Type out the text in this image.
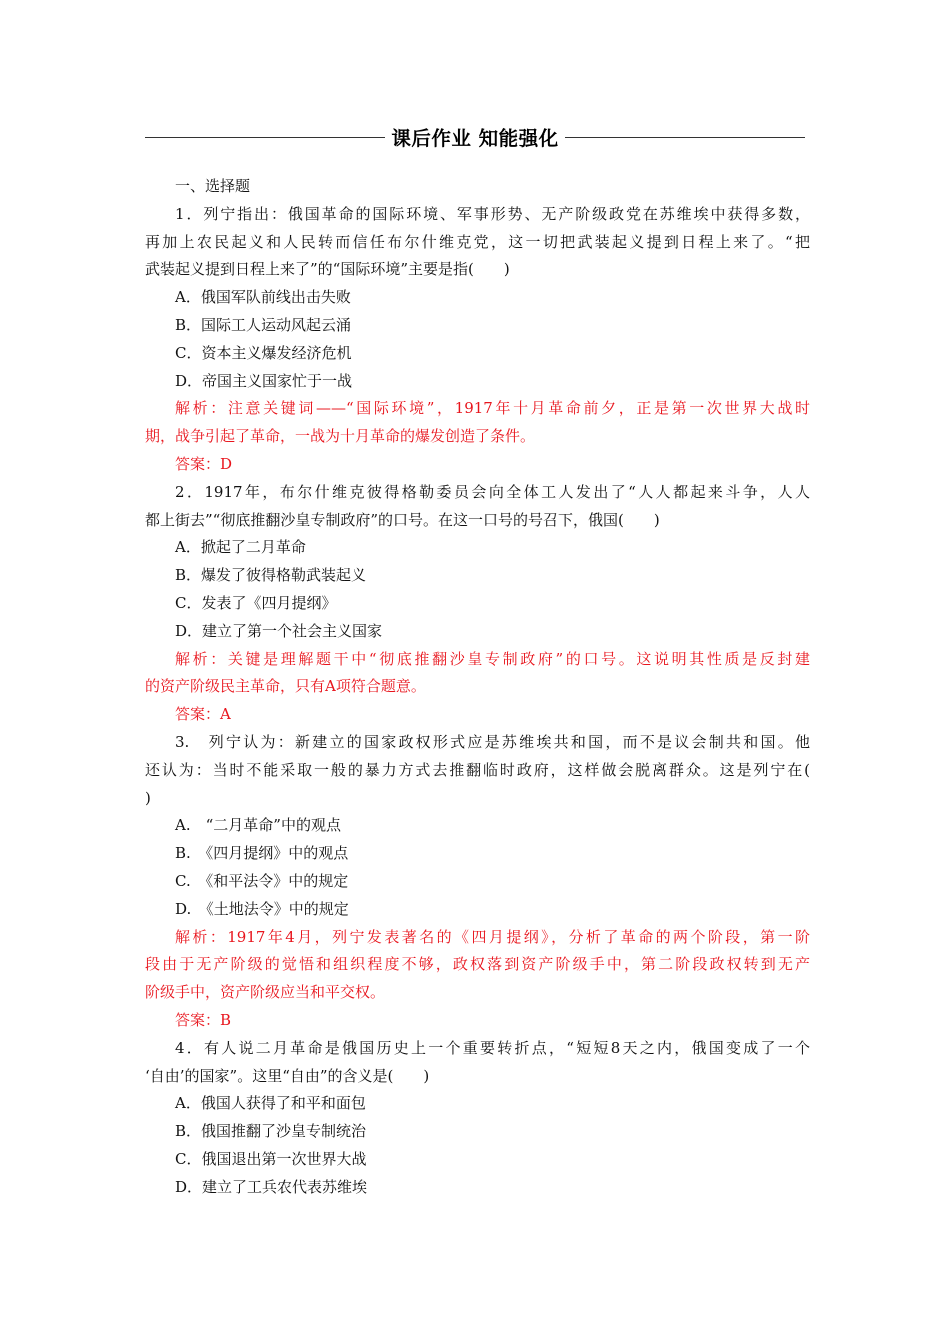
课后作业 知能强化
一、选择题
1．列宁指出：俄国革命的国际环境、军事形势、无产阶级政党在苏维埃中获得多数，
再加上农民起义和人民转而信任布尔什维克党，这一切把武装起义提到日程上来了。“把
武装起义提到日程上来了”的“国际环境”主要是指(　　)
A．俄国军队前线出击失败
B．国际工人运动风起云涌
C．资本主义爆发经济危机
D．帝国主义国家忙于一战
解析：注意关键词——“国际环境”，1917年十月革命前夕，正是第一次世界大战时
期，战争引起了革命，一战为十月革命的爆发创造了条件。
答案：D
2．1917年，布尔什维克彼得格勒委员会向全体工人发出了“人人都起来斗争，人人
都上街去”“彻底推翻沙皇专制政府”的口号。在这一口号的号召下，俄国(　　)
A．掀起了二月革命
B．爆发了彼得格勒武装起义
C．发表了《四月提纲》
D．建立了第一个社会主义国家
解析：关键是理解题干中“彻底推翻沙皇专制政府”的口号。这说明其性质是反封建
的资产阶级民主革命，只有A项符合题意。
答案：A
3.　列宁认为：新建立的国家政权形式应是苏维埃共和国，而不是议会制共和国。他
还认为：当时不能采取一般的暴力方式去推翻临时政府，这样做会脱离群众。这是列宁在(
)
A.　“二月革命”中的观点
B.　《四月提纲》中的观点
C.　《和平法令》中的规定
D.　《土地法令》中的规定
解析：1917年4月，列宁发表著名的《四月提纲》，分析了革命的两个阶段，第一阶
段由于无产阶级的觉悟和组织程度不够，政权落到资产阶级手中，第二阶段政权转到无产
阶级手中，资产阶级应当和平交权。
答案：B
4．有人说二月革命是俄国历史上一个重要转折点，“短短8天之内，俄国变成了一个
‘自由’的国家”。这里“自由”的含义是(　　)
A．俄国人获得了和平和面包
B．俄国推翻了沙皇专制统治
C．俄国退出第一次世界大战
D．建立了工兵农代表苏维埃
